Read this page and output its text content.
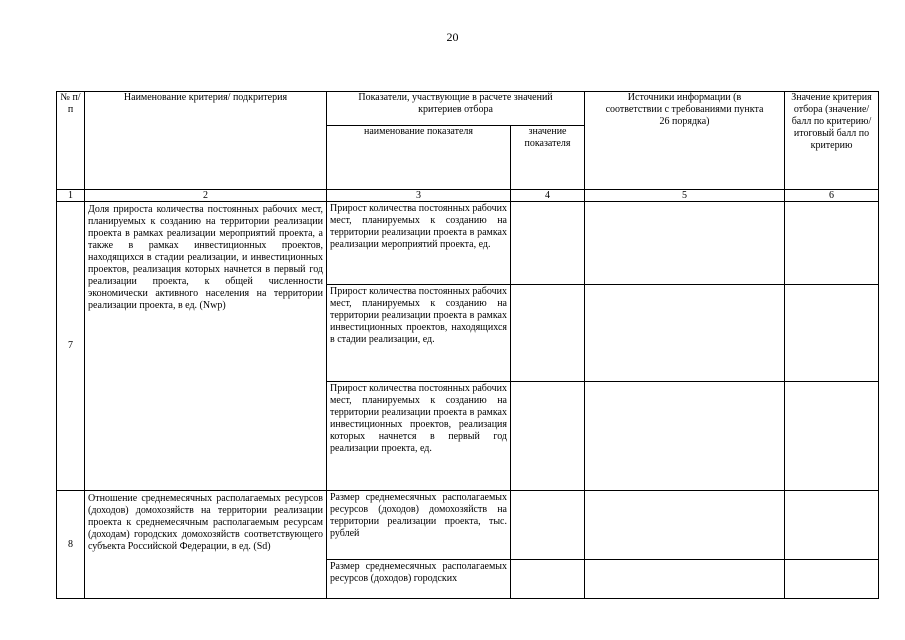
20
№ п/п	Наименование критерия/ подкритерия	Показатели, участвующие в расчете значений критериев отбора		Источники информации (в соответствии с требованиями пункта 26 порядка)	Значение критерия отбора (значение/ балл по критерию/ итоговый балл по критерию
		наименование показателя	значение показателя		
1	2	3	4	5	6
7	Доля прироста количества постоянных рабочих мест, планируемых к созданию на территории реализации проекта в рамках реализации мероприятий проекта, а также в рамках инвестиционных проектов, находящихся в стадии реализации, и инвестиционных проектов, реализация которых начнется в первый год реализации проекта, к общей численности экономически активного населения на территории реализации проекта, в ед. (Nwp)	Прирост количества постоянных рабочих мест, планируемых к созданию на территории реализации проекта в рамках реализации мероприятий проекта, ед.			
		Прирост количества постоянных рабочих мест, планируемых к созданию на территории реализации проекта в рамках инвестиционных проектов, находящихся в стадии реализации, ед.			
		Прирост количества постоянных рабочих мест, планируемых к созданию на территории реализации проекта в рамках инвестиционных проектов, реализация которых начнется в первый год реализации проекта, ед.			
8	Отношение среднемесячных располагаемых ресурсов (доходов) домохозяйств на территории реализации проекта к среднемесячным располагаемым ресурсам (доходам) городских домохозяйств соответствующего субъекта Российской Федерации, в ед. (Sd)	Размер среднемесячных располагаемых ресурсов (доходов) домохозяйств на территории реализации проекта, тыс. рублей			
		Размер среднемесячных располагаемых ресурсов (доходов) городских			
